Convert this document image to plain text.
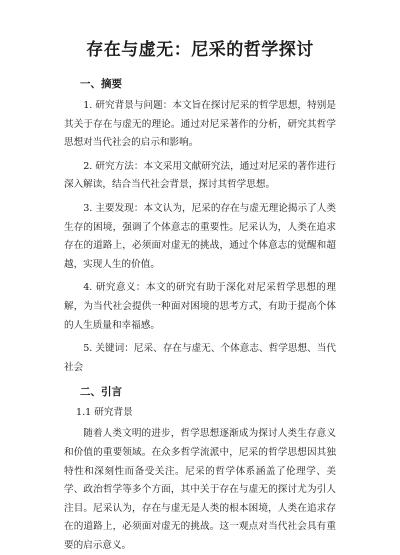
存在与虚无：尼采的哲学探讨
一、摘要

1. 研究背景与问题：本文旨在探讨尼采的哲学思想，特别是其关于存在与虚无的理论。通过对尼采著作的分析，研究其哲学思想对当代社会的启示和影响。

2. 研究方法：本文采用文献研究法，通过对尼采的著作进行深入解读，结合当代社会背景，探讨其哲学思想。

3. 主要发现：本文认为，尼采的存在与虚无理论揭示了人类生存的困境，强调了个体意志的重要性。尼采认为，人类在追求存在的道路上，必须面对虚无的挑战，通过个体意志的觉醒和超越，实现人生的价值。

4. 研究意义：本文的研究有助于深化对尼采哲学思想的理解，为当代社会提供一种面对困境的思考方式，有助于提高个体的人生质量和幸福感。

5. 关键词：尼采、存在与虚无、个体意志、哲学思想、当代社会

二、引言
1.1 研究背景

随着人类文明的进步，哲学思想逐渐成为探讨人类生存意义和价值的重要领域。在众多哲学流派中，尼采的哲学思想因其独特性和深刻性而备受关注。尼采的哲学体系涵盖了伦理学、美学、政治哲学等多个方面，其中关于存在与虚无的探讨尤为引人注目。尼采认为，存在与虚无是人类的根本困境，人类在追求存在的道路上，必须面对虚无的挑战。这一观点对当代社会具有重要的启示意义。
